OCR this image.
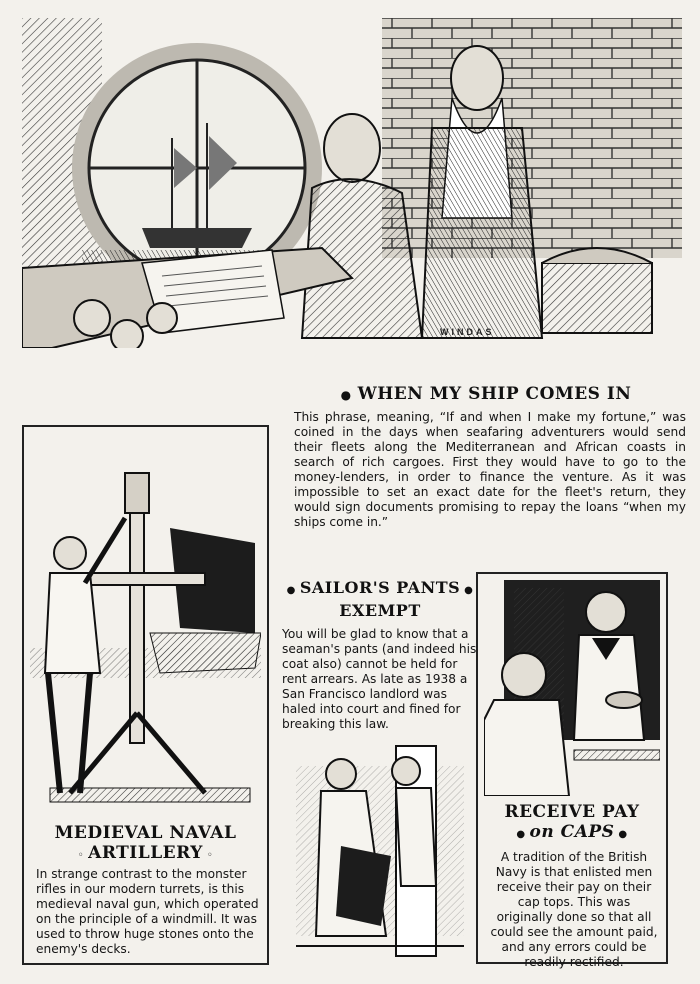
WINDAS
● WHEN MY SHIP COMES IN
This phrase, meaning, “If and when I make my fortune,” was coined in the days when seafaring adventurers would send their fleets along the Mediterranean and African coasts in search of rich cargoes. First they would have to go to the money-lenders, in order to finance the venture. As it was impossible to set an exact date for the fleet's return, they would sign documents promising to repay the loans “when my ships come in.”
MEDIEVAL NAVAL
◦ ARTILLERY ◦
In strange contrast to the monster rifles in our modern turrets, is this medieval naval gun, which operated on the principle of a windmill. It was used to throw huge stones onto the enemy's decks.
● SAILOR'S PANTS ●
EXEMPT
You will be glad to know that a seaman's pants (and indeed his coat also) cannot be held for rent arrears. As late as 1938 a San Francisco landlord was haled into court and fined for breaking this law.
RECEIVE PAY
● on CAPS ●
A tradition of the British Navy is that enlisted men receive their pay on their cap tops. This was originally done so that all could see the amount paid, and any errors could be readily rectified.
